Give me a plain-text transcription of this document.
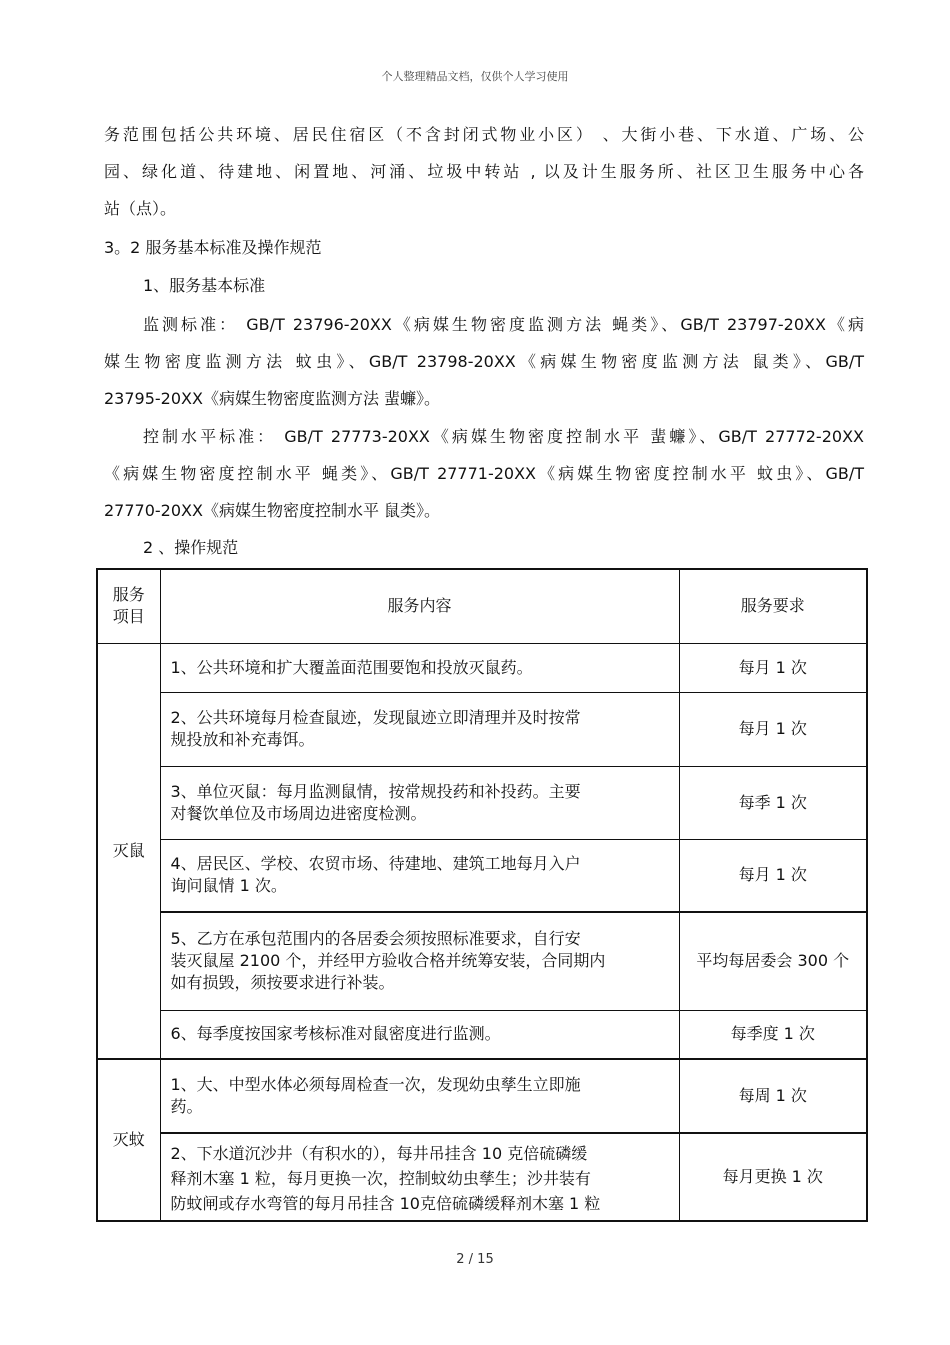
个人整理精品文档，仅供个人学习使用

务范围包括公共环境、居民住宿区（不含封闭式物业小区） 、大街小巷、下水道、广场、公

园、绿化道、待建地、闲置地、河涌、垃圾中转站 , 以及计生服务所、社区卫生服务中心各

站（点）。

3。2 服务基本标准及操作规范
1、服务基本标准

监测标准： GB/T 23796-20XX《病媒生物密度监测方法 蝇类》、GB/T 23797-20XX《病

媒生物密度监测方法 蚊虫》、GB/T 23798-20XX《病媒生物密度监测方法 鼠类》、GB/T

23795-20XX《病媒生物密度监测方法 蜚蠊》。

控制水平标准： GB/T 27773-20XX《病媒生物密度控制水平 蜚蠊》、GB/T 27772-20XX

《病媒生物密度控制水平 蝇类》、GB/T 27771-20XX《病媒生物密度控制水平 蚊虫》、GB/T

27770-20XX《病媒生物密度控制水平 鼠类》。

2 、操作规范
服务
项目	服务内容	服务要求
灭鼠	1、公共环境和扩大覆盖面范围要饱和投放灭鼠药。	每月 1 次

	2、公共环境每月检查鼠迹，发现鼠迹立即清理并及时按常
规投放和补充毒饵。	每月 1 次

	3、单位灭鼠：每月监测鼠情，按常规投药和补投药。主要
对餐饮单位及市场周边进密度检测。	每季 1 次

	4、居民区、学校、农贸市场、待建地、建筑工地每月入户
询问鼠情 1 次。	每月 1 次

	5、乙方在承包范围内的各居委会须按照标准要求，自行安
装灭鼠屋 2100 个，并经甲方验收合格并统筹安装，合同期内
如有损毁，须按要求进行补装。	平均每居委会 300 个

	6、每季度按国家考核标准对鼠密度进行监测。	每季度 1 次
灭蚊	1、大、中型水体必须每周检查一次，发现幼虫孳生立即施
药。	每周 1 次

	2、下水道沉沙井（有积水的），每井吊挂含 10 克倍硫磷缓
释剂木塞 1 粒，每月更换一次，控制蚊幼虫孳生；沙井装有
防蚊闸或存水弯管的每月吊挂含 10克倍硫磷缓释剂木塞 1 粒	每月更换 1 次
2 / 15
